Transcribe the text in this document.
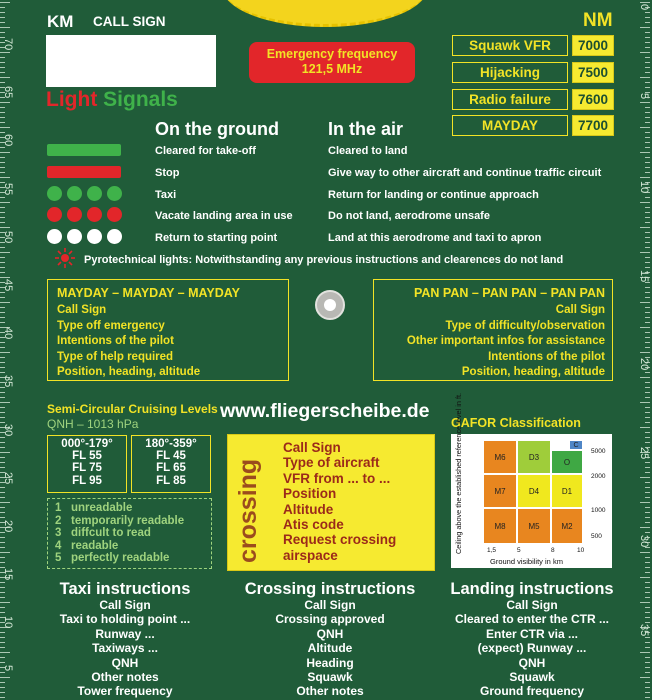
70
65
60
55
50
45
40
35
30
25
20
15
10
5
0
5
10
15
20
25
30
35
KM CALL SIGN	NM
Emergency frequency
121,5 MHz
Squawk VFR	7000
Hijacking	7500
Radio failure	7600
MAYDAY	7700
Light Signals
On the ground	In the air
Cleared for take-off	Cleared to land
Stop	Give way to other aircraft and continue traffic circuit
Taxi	Return for landing or continue approach
Vacate landing area in use	Do not land, aerodrome unsafe
Return to starting point	Land at this aerodrome and taxi to apron
Pyrotechnical lights: Notwithstanding any previous instructions and clearences do not land
MAYDAY – MAYDAY – MAYDAY
Call Sign
Type off emergency
Intentions of the pilot
Type of help required
Position, heading, altitude
PAN PAN – PAN PAN – PAN PAN
Call Sign
Type of difficulty/observation
Other important infos for assistance
Intentions of the pilot
Position, heading, altitude
Semi-Circular Cruising Levels
QNH – 1013 hPa
000°-179°
FL 55
FL 75
FL 95
180°-359°
FL 45
FL 65
FL 85
1 unreadable
2 temporarily readable
3 diffcult to read
4 readable
5 perfectly readable
www.fliegerscheibe.de
crossing
Call Sign
Type of aircraft
VFR from ... to ...
Position
Altitude
Atis code
Request crossing
airspace
GAFOR Classification
Ceiling above the established reference level in ft.
Ground visibility in km
M6	D3
O
C
M7	D4	D1
M8	M5	M2
5000
2000
1000
500
1,5	5	8	10
Taxi instructions
Call Sign
Taxi to holding point ...
Runway ...
Taxiways ...
QNH
Other notes
Tower frequency
Crossing instructions
Call Sign
Crossing approved
QNH
Altitude
Heading
Squawk
Other notes
Landing instructions
Call Sign
Cleared to enter the CTR ...
Enter CTR via ...
(expect) Runway ...
QNH
Squawk
Ground frequency
